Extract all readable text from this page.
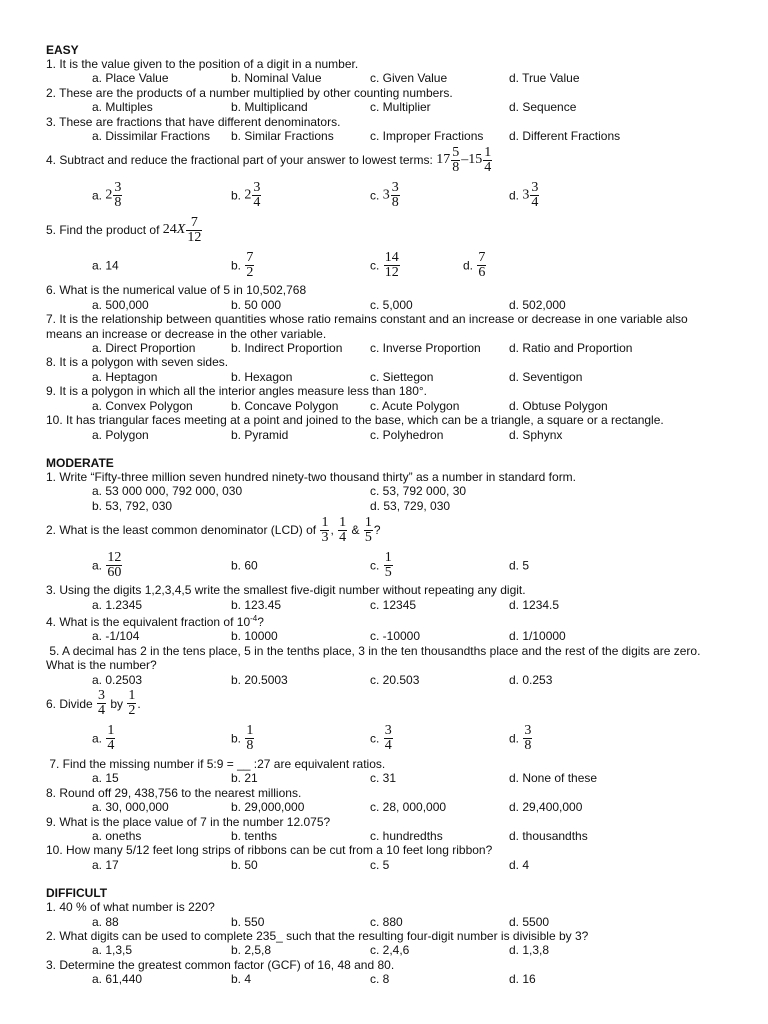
EASY
1. It is the value given to the position of a digit in a number.
a. Place Value	b. Nominal Value	c. Given Value	d. True Value
2. These are the products of a number multiplied by other counting numbers.
a. Multiples	b. Multiplicand	c. Multiplier	d. Sequence
3. These are fractions that have different denominators.
a. Dissimilar Fractions	b. Similar Fractions	c. Improper Fractions	d. Different Fractions
4. Subtract and reduce the fractional part of your answer to lowest terms:
$17 \frac{5}{8} - 15 \frac{1}{4}$
a. $2 \frac{3}{8}$	b. $2 \frac{3}{4}$	c. $3 \frac{3}{8}$	d. $3 \frac{3}{4}$
5. Find the product of
24 X $\frac{7}{12}$
a. 14	b. $\frac{7}{2}$	c. $\frac{14}{12}$	d. $\frac{7}{6}$
6. What is the numerical value of 5 in 10,502,768
a. 500,000	b. 50 000	c. 5,000	d. 502,000
7. It is the relationship between quantities whose ratio remains constant and an increase or decrease in one variable also means an increase or decrease in the other variable.
a. Direct Proportion	b. Indirect Proportion	c. Inverse Proportion	d. Ratio and Proportion
8. It is a polygon with seven sides.
a. Heptagon	b. Hexagon	c. Siettegon	d. Seventigon
9. It is a polygon in which all the interior angles measure less than 180°.
a. Convex Polygon	b. Concave Polygon	c. Acute Polygon	d. Obtuse Polygon
10. It has triangular faces meeting at a point and joined to the base, which can be a triangle, a square or a rectangle.
a. Polygon	b. Pyramid	c. Polyhedron	d. Sphynx
MODERATE
1. Write “Fifty-three million seven hundred ninety-two thousand thirty” as a number in standard form.
a. 53 000 000, 792 000, 030	c. 53, 792 000, 30
b. 53, 792, 030	d. 53, 729, 030
2. What is the least common denominator (LCD) of
$\frac{1}{3}$ ,
$\frac{1}{4}$
&
$\frac{1}{5}$ ?
a. $\frac{12}{60}$	b. 60	c. $\frac{1}{5}$	d. 5
3. Using the digits 1,2,3,4,5 write the smallest five-digit number without repeating any digit.
a. 1.2345	b. 123.45	c. 12345	d. 1234.5
4. What is the equivalent fraction of $10^{-4}$?
a. -1/104	b. 10000	c. -10000	d. 1/10000
5. A decimal has 2 in the tens place, 5 in the tenths place, 3 in the ten thousandths place and the rest of the digits are zero. What is the number?
a. 0.2503	b. 20.5003	c. 20.503	d. 0.253
6. Divide
$\frac{3}{4}$
by
$\frac{1}{2}$ .
a. $\frac{1}{4}$	b. $\frac{1}{8}$	c. $\frac{3}{4}$	d. $\frac{3}{8}$
7. Find the missing number if 5:9 = __ :27 are equivalent ratios.
a. 15	b. 21	c. 31	d. None of these
8. Round off 29, 438,756 to the nearest millions.
a. 30, 000,000	b. 29,000,000	c. 28, 000,000	d. 29,400,000
9. What is the place value of 7 in the number 12.075?
a. oneths	b. tenths	c. hundredths	d. thousandths
10. How many 5/12 feet long strips of ribbons can be cut from a 10 feet long ribbon?
a. 17	b. 50	c. 5	d. 4
DIFFICULT
1. 40 % of what number is 220?
a. 88	b. 550	c. 880	d. 5500
2. What digits can be used to complete 235_ such that the resulting four-digit number is divisible by 3?
a. 1,3,5	b. 2,5,8	c. 2,4,6	d. 1,3,8
3. Determine the greatest common factor (GCF) of 16, 48 and 80.
a. 61,440	b. 4	c. 8	d. 16
